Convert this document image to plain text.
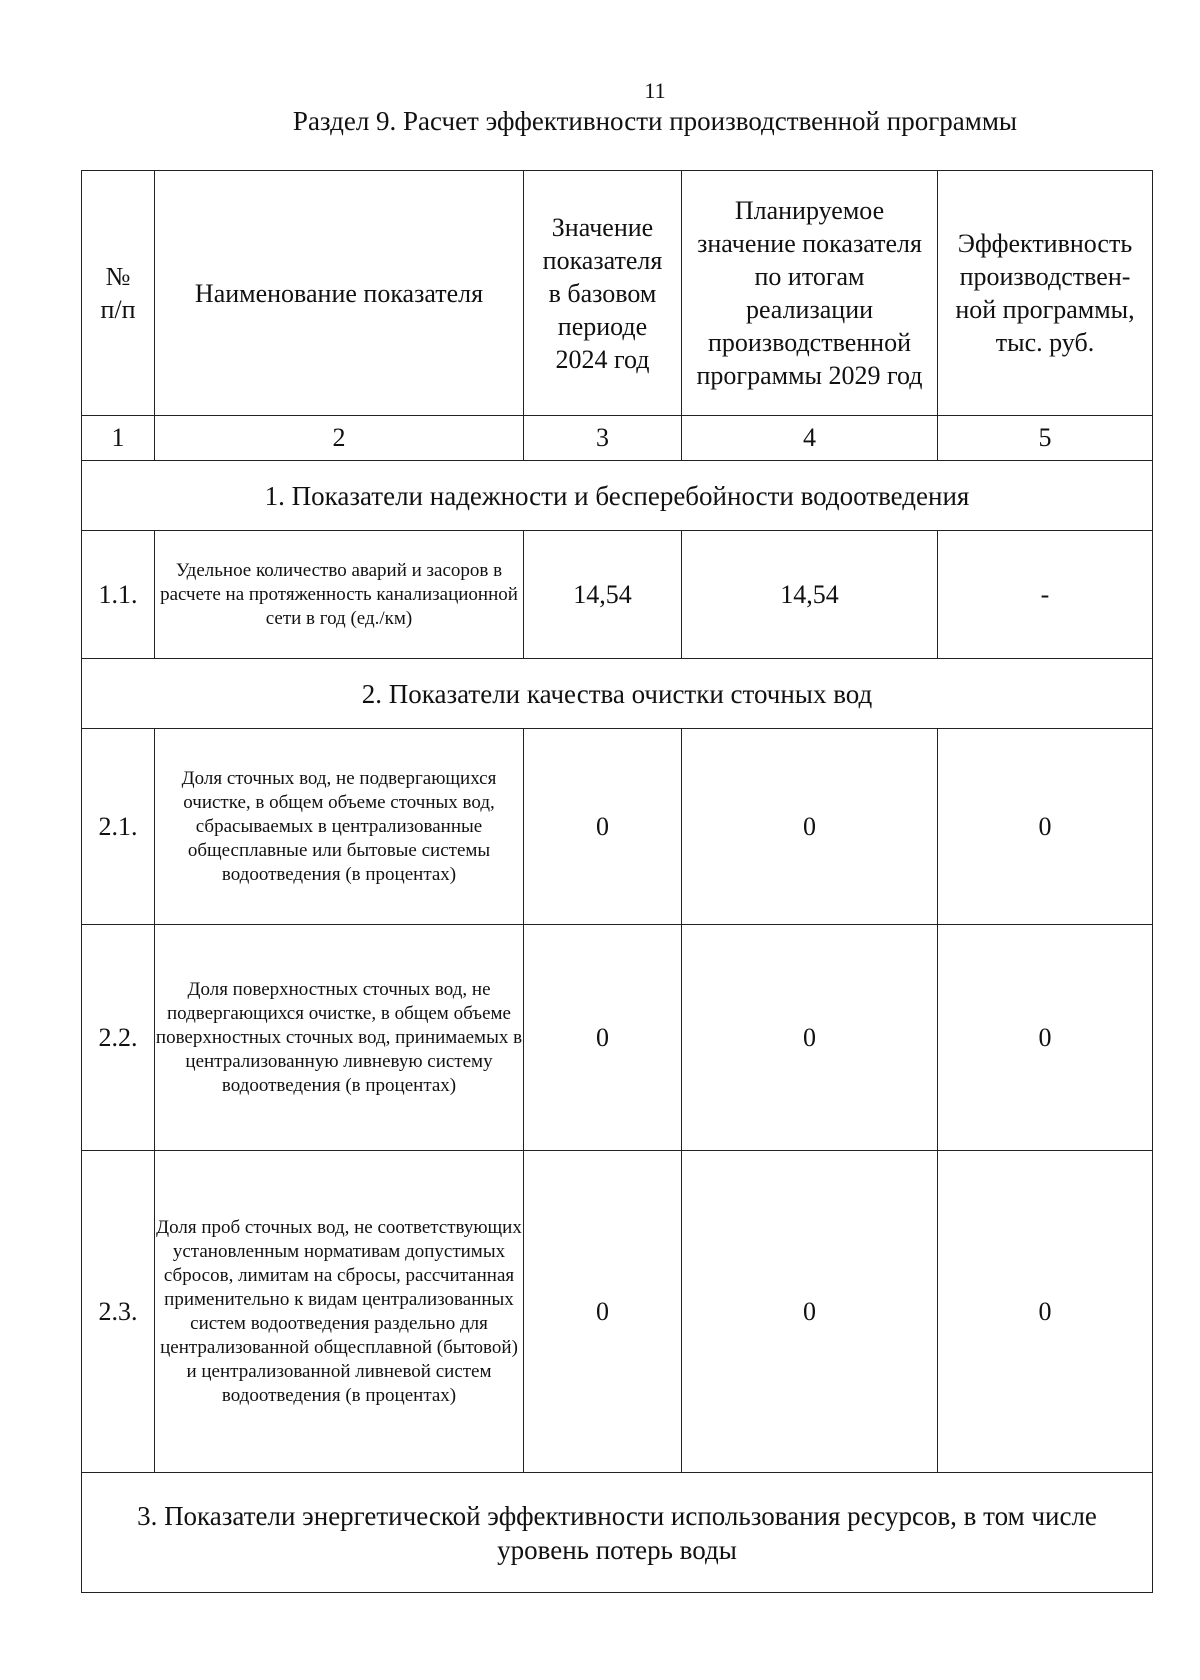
11
Раздел 9. Расчет эффективности производственной программы
№ п/п	Наименование показателя	Значение показателя в базовом периоде 2024 год	Планируемое значение показателя по итогам реализации производственной программы 2029 год	Эффективность производствен-ной программы, тыс. руб.

1	2	3	4	5
1. Показатели надежности и бесперебойности водоотведения				
1.1.	Удельное количество аварий и засоров в расчете на протяженность канализационной сети в год (ед./км)	14,54	14,54	-
2. Показатели качества очистки сточных вод				
2.1.	Доля сточных вод, не подвергающихся очистке, в общем объеме сточных вод, сбрасываемых в централизованные общесплавные или бытовые системы водоотведения (в процентах)	0	0	0
2.2.	Доля поверхностных сточных вод, не подвергающихся очистке, в общем объеме поверхностных сточных вод, принимаемых в централизованную ливневую систему водоотведения (в процентах)	0	0	0
2.3.	Доля проб сточных вод, не соответствующих установленным нормативам допустимых сбросов, лимитам на сбросы, рассчитанная применительно к видам централизованных систем водоотведения раздельно для централизованной общесплавной (бытовой) и централизованной ливневой систем водоотведения (в процентах)	0	0	0

3. Показатели энергетической эффективности использования ресурсов, в том числе уровень потерь воды				
